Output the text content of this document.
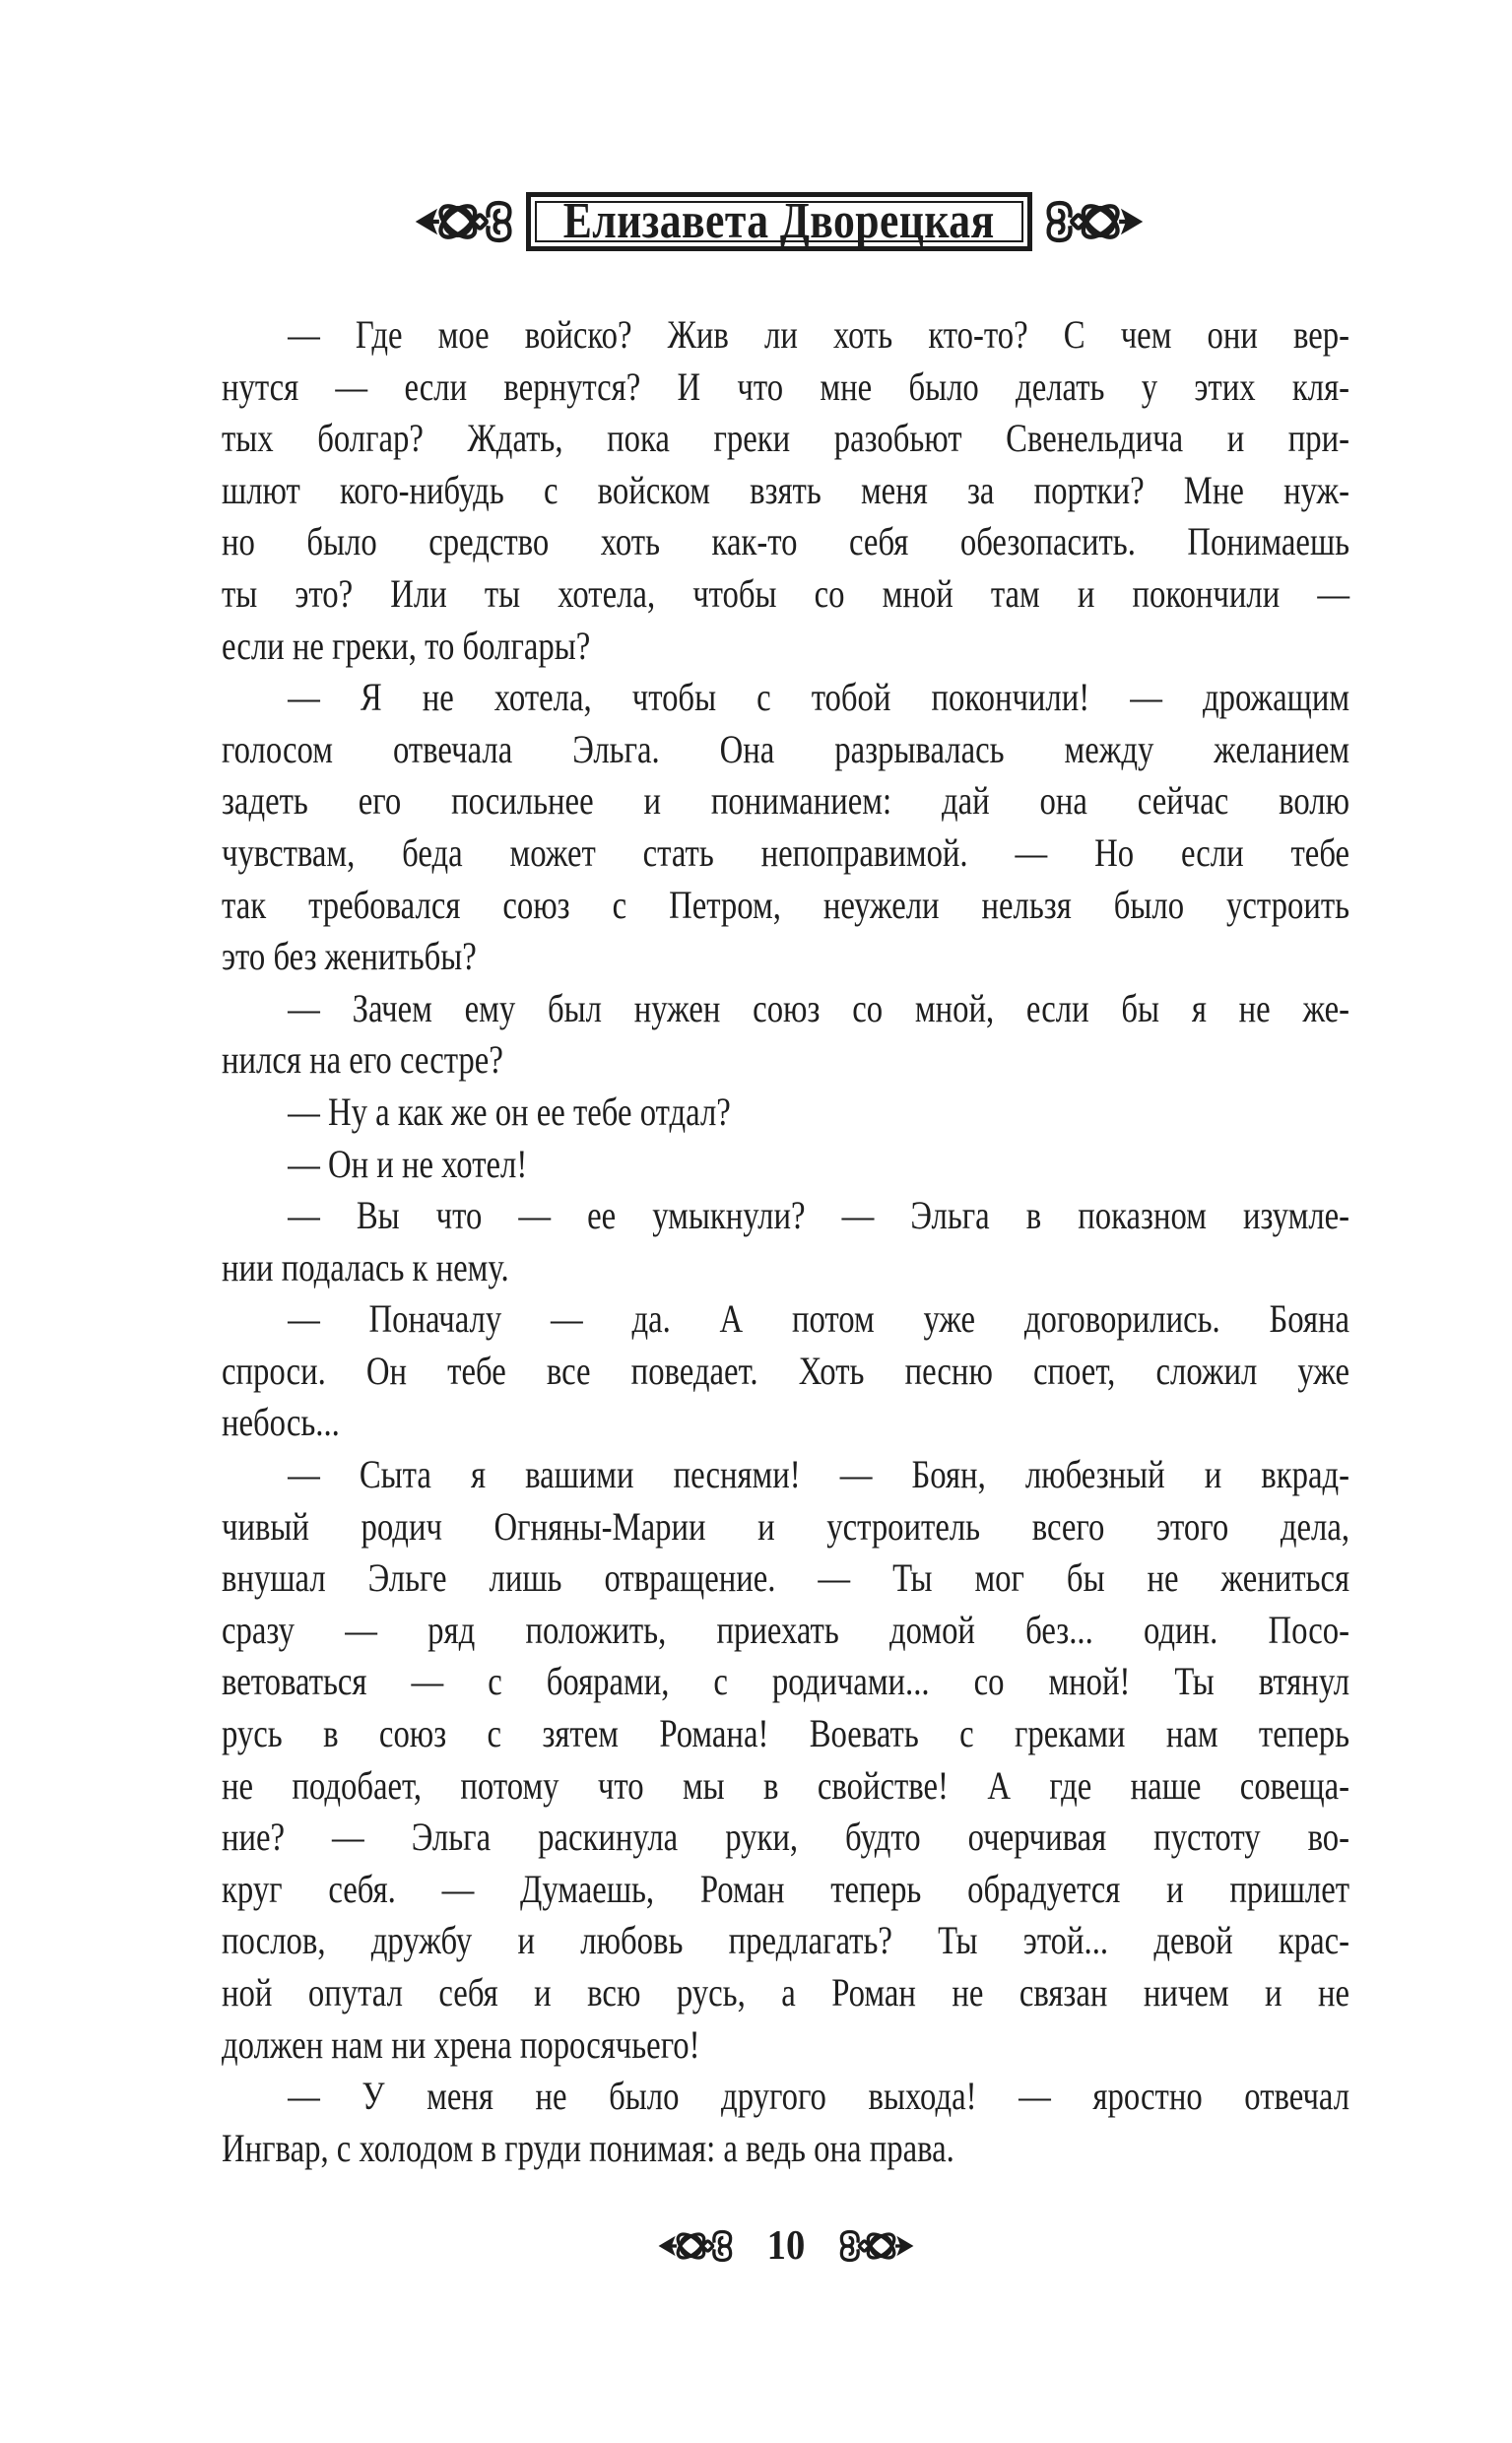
Елизавета Дворецкая
— Где мое войско? Жив ли хоть кто-то? С чем они вер-
нутся — если вернутся? И что мне было делать у этих кля-
тых болгар? Ждать, пока греки разобьют Свенельдича и при-
шлют кого-нибудь с войском взять меня за портки? Мне нуж-
но было средство хоть как-то себя обезопасить. Понимаешь
ты это? Или ты хотела, чтобы со мной там и покончили —
если не греки, то болгары?
— Я не хотела, чтобы с тобой покончили! — дрожащим
голосом отвечала Эльга. Она разрывалась между желанием
задеть его посильнее и пониманием: дай она сейчас волю
чувствам, беда может стать непоправимой. — Но если тебе
так требовался союз с Петром, неужели нельзя было устроить
это без женитьбы?
— Зачем ему был нужен союз со мной, если бы я не же-
нился на его сестре?
— Ну а как же он ее тебе отдал?
— Он и не хотел!
— Вы что — ее умыкнули? — Эльга в показном изумле-
нии подалась к нему.
— Поначалу — да. А потом уже договорились. Бояна
спроси. Он тебе все поведает. Хоть песню споет, сложил уже
небось...
— Сыта я вашими песнями! — Боян, любезный и вкрад-
чивый родич Огняны-Марии и устроитель всего этого дела,
внушал Эльге лишь отвращение. — Ты мог бы не жениться
сразу — ряд положить, приехать домой без... один. Посо-
ветоваться — с боярами, с родичами... со мной! Ты втянул
русь в союз с зятем Романа! Воевать с греками нам теперь
не подобает, потому что мы в свойстве! А где наше совеща-
ние? — Эльга раскинула руки, будто очерчивая пустоту во-
круг себя. — Думаешь, Роман теперь обрадуется и пришлет
послов, дружбу и любовь предлагать? Ты этой... девой крас-
ной опутал себя и всю русь, а Роман не связан ничем и не
должен нам ни хрена поросячьего!
— У меня не было другого выхода! — яростно отвечал
Ингвар, с холодом в груди понимая: а ведь она права.
10
